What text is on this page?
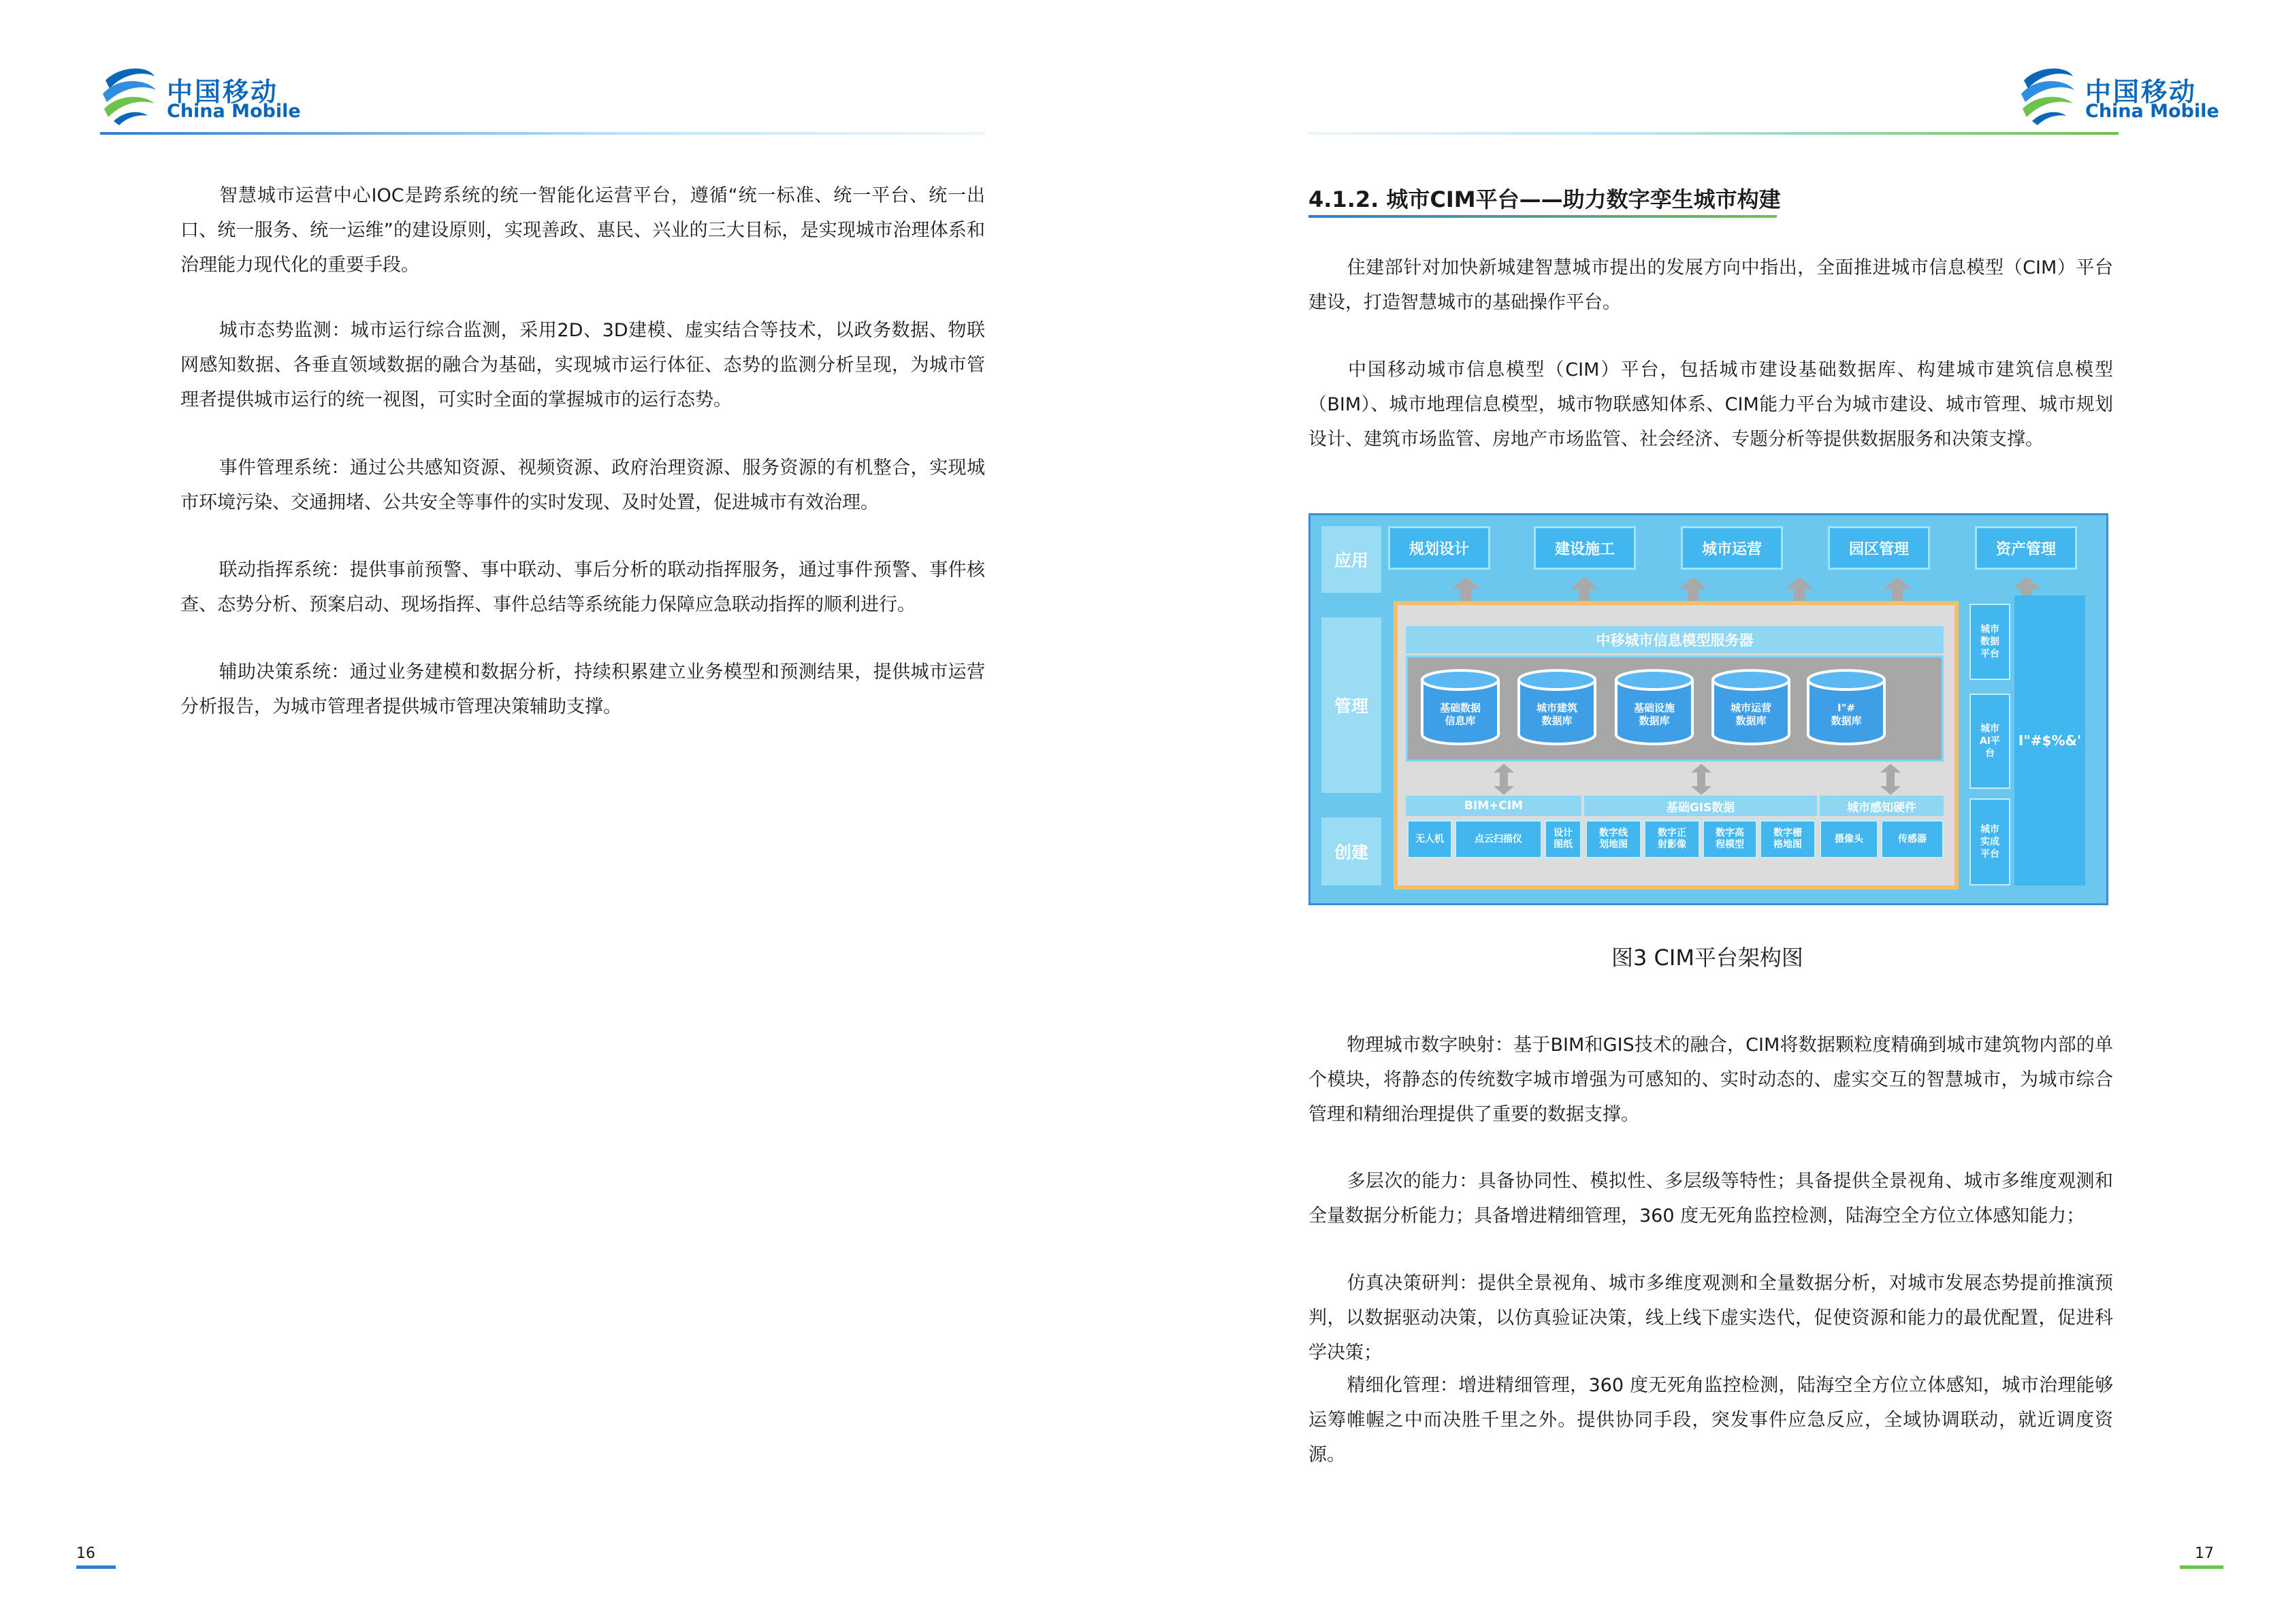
中国移动
China Mobile

智慧城市运营中心IOC是跨系统的统一智能化运营平台，遵循“统一标准、统一平台、统一出口、统一服务、统一运维”的建设原则，实现善政、惠民、兴业的三大目标，是实现城市治理体系和治理能力现代化的重要手段。

城市态势监测：城市运行综合监测，采用2D、3D建模、虚实结合等技术，以政务数据、物联网感知数据、各垂直领域数据的融合为基础，实现城市运行体征、态势的监测分析呈现，为城市管理者提供城市运行的统一视图，可实时全面的掌握城市的运行态势。

事件管理系统：通过公共感知资源、视频资源、政府治理资源、服务资源的有机整合，实现城市环境污染、交通拥堵、公共安全等事件的实时发现、及时处置，促进城市有效治理。

联动指挥系统：提供事前预警、事中联动、事后分析的联动指挥服务，通过事件预警、事件核查、态势分析、预案启动、现场指挥、事件总结等系统能力保障应急联动指挥的顺利进行。

辅助决策系统：通过业务建模和数据分析，持续积累建立业务模型和预测结果，提供城市运营分析报告，为城市管理者提供城市管理决策辅助支撑。

16
中国移动
China Mobile
4.1.2. 城市CIM平台——助力数字孪生城市构建

住建部针对加快新城建智慧城市提出的发展方向中指出，全面推进城市信息模型（CIM）平台建设，打造智慧城市的基础操作平台。

中国移动城市信息模型（CIM）平台，包括城市建设基础数据库、构建城市建筑信息模型（BIM）、城市地理信息模型，城市物联感知体系、CIM能力平台为城市建设、城市管理、城市规划设计、建筑市场监管、房地产市场监管、社会经济、专题分析等提供数据服务和决策支撑。

应用
管理
创建
规划设计	建设施工	城市运营	园区管理	资产管理
中移城市信息模型服务器
基础数据
信息库
城市建筑
数据库
基础设施
数据库
城市运营
数据库
I"#
数据库
BIM+CIM	基础GIS数据	城市感知硬件
无人机	点云扫描仪
设计
图纸
数字线
划地图
数字正
射影像
数字高
程模型
数字栅
格地图
摄像头	传感器
城市
数据
平台
城市
AI平
台
城市
实成
平台
I"#$%&'
图3 CIM平台架构图

物理城市数字映射：基于BIM和GIS技术的融合，CIM将数据颗粒度精确到城市建筑物内部的单个模块，将静态的传统数字城市增强为可感知的、实时动态的、虚实交互的智慧城市，为城市综合管理和精细治理提供了重要的数据支撑。

多层次的能力：具备协同性、模拟性、多层级等特性；具备提供全景视角、城市多维度观测和全量数据分析能力；具备增进精细管理，360 度无死角监控检测，陆海空全方位立体感知能力；

仿真决策研判：提供全景视角、城市多维度观测和全量数据分析，对城市发展态势提前推演预判，以数据驱动决策，以仿真验证决策，线上线下虚实迭代，促使资源和能力的最优配置，促进科学决策；

精细化管理：增进精细管理，360 度无死角监控检测，陆海空全方位立体感知，城市治理能够运筹帷幄之中而决胜千里之外。提供协同手段，突发事件应急反应，全域协调联动，就近调度资源。

17
